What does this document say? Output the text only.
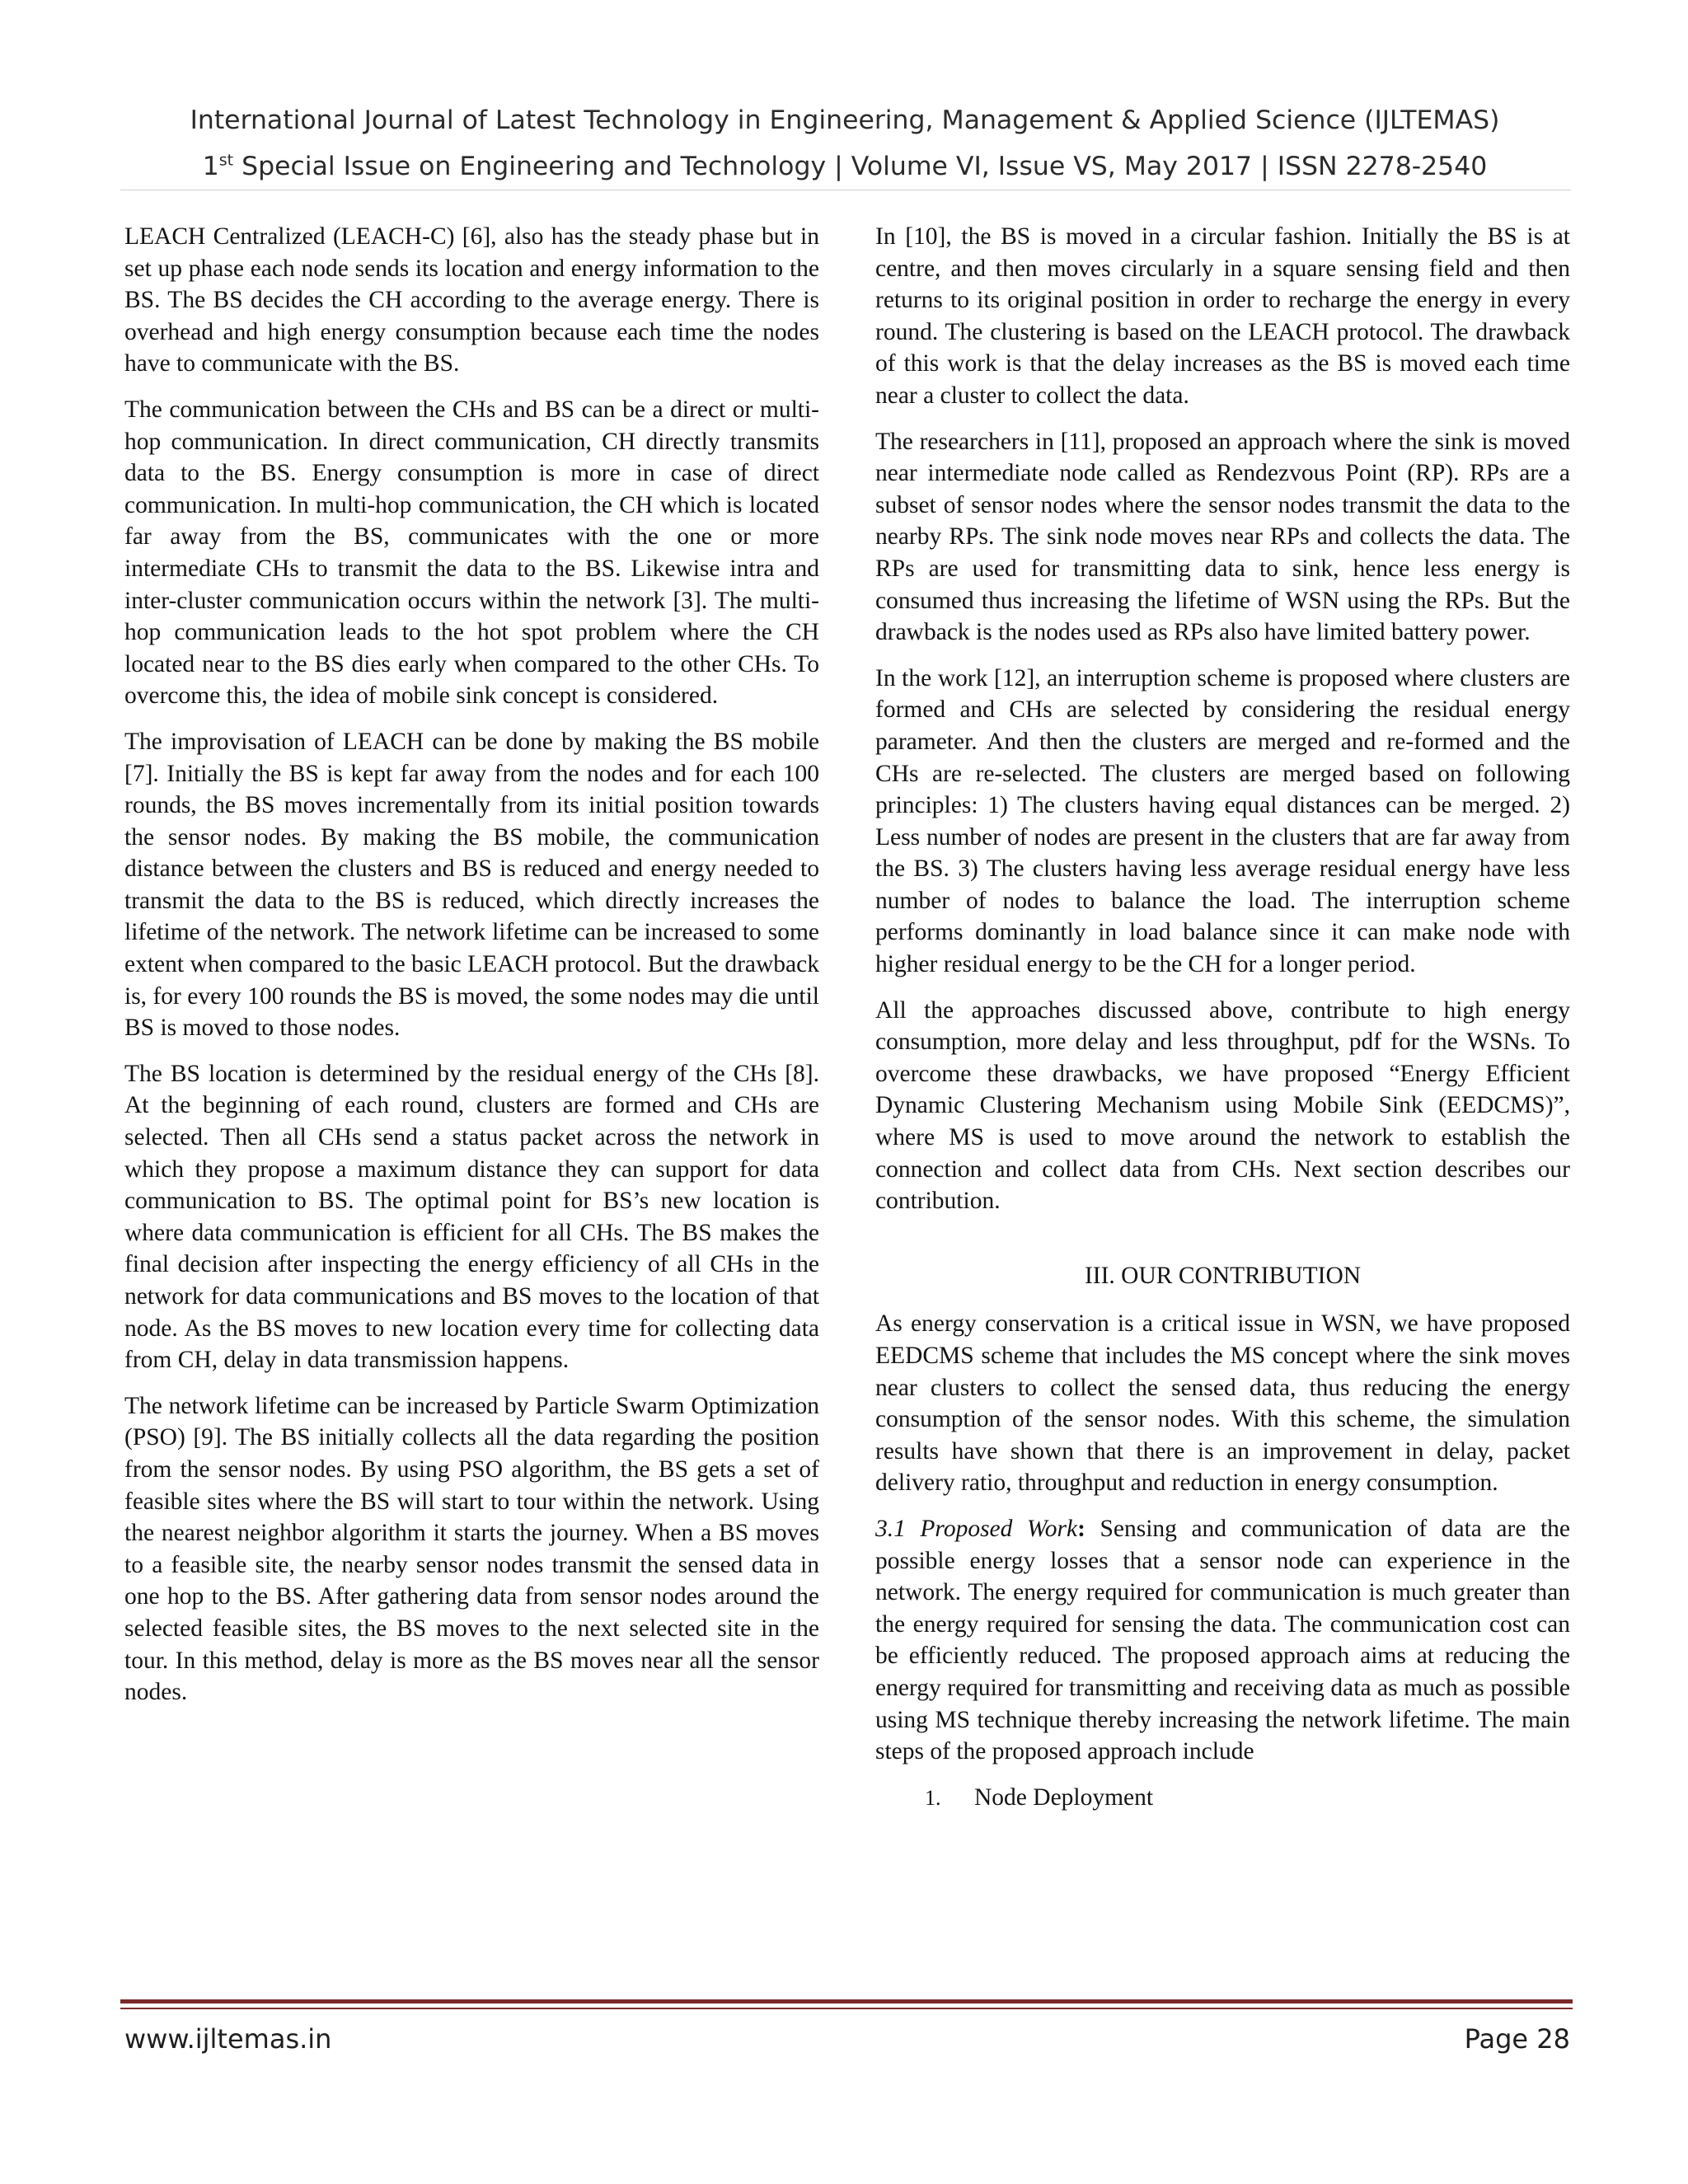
International Journal of Latest Technology in Engineering, Management & Applied Science (IJLTEMAS)
1st Special Issue on Engineering and Technology | Volume VI, Issue VS, May 2017 | ISSN 2278-2540

LEACH Centralized (LEACH-C) [6], also has the steady phase but in set up phase each node sends its location and energy information to the BS. The BS decides the CH according to the average energy. There is overhead and high energy consumption because each time the nodes have to communicate with the BS.

The communication between the CHs and BS can be a direct or multi-hop communication. In direct communication, CH directly transmits data to the BS. Energy consumption is more in case of direct communication. In multi-hop communication, the CH which is located far away from the BS, communicates with the one or more intermediate CHs to transmit the data to the BS. Likewise intra and inter-cluster communication occurs within the network [3]. The multi-hop communication leads to the hot spot problem where the CH located near to the BS dies early when compared to the other CHs. To overcome this, the idea of mobile sink concept is considered.

The improvisation of LEACH can be done by making the BS mobile [7]. Initially the BS is kept far away from the nodes and for each 100 rounds, the BS moves incrementally from its initial position towards the sensor nodes. By making the BS mobile, the communication distance between the clusters and BS is reduced and energy needed to transmit the data to the BS is reduced, which directly increases the lifetime of the network. The network lifetime can be increased to some extent when compared to the basic LEACH protocol. But the drawback is, for every 100 rounds the BS is moved, the some nodes may die until BS is moved to those nodes.

The BS location is determined by the residual energy of the CHs [8]. At the beginning of each round, clusters are formed and CHs are selected. Then all CHs send a status packet across the network in which they propose a maximum distance they can support for data communication to BS. The optimal point for BS’s new location is where data communication is efficient for all CHs. The BS makes the final decision after inspecting the energy efficiency of all CHs in the network for data communications and BS moves to the location of that node. As the BS moves to new location every time for collecting data from CH, delay in data transmission happens.

The network lifetime can be increased by Particle Swarm Optimization (PSO) [9]. The BS initially collects all the data regarding the position from the sensor nodes. By using PSO algorithm, the BS gets a set of feasible sites where the BS will start to tour within the network. Using the nearest neighbor algorithm it starts the journey. When a BS moves to a feasible site, the nearby sensor nodes transmit the sensed data in one hop to the BS. After gathering data from sensor nodes around the selected feasible sites, the BS moves to the next selected site in the tour. In this method, delay is more as the BS moves near all the sensor nodes.

In [10], the BS is moved in a circular fashion. Initially the BS is at centre, and then moves circularly in a square sensing field and then returns to its original position in order to recharge the energy in every round. The clustering is based on the LEACH protocol. The drawback of this work is that the delay increases as the BS is moved each time near a cluster to collect the data.

The researchers in [11], proposed an approach where the sink is moved near intermediate node called as Rendezvous Point (RP). RPs are a subset of sensor nodes where the sensor nodes transmit the data to the nearby RPs. The sink node moves near RPs and collects the data. The RPs are used for transmitting data to sink, hence less energy is consumed thus increasing the lifetime of WSN using the RPs. But the drawback is the nodes used as RPs also have limited battery power.

In the work [12], an interruption scheme is proposed where clusters are formed and CHs are selected by considering the residual energy parameter. And then the clusters are merged and re-formed and the CHs are re-selected. The clusters are merged based on following principles: 1) The clusters having equal distances can be merged. 2) Less number of nodes are present in the clusters that are far away from the BS. 3) The clusters having less average residual energy have less number of nodes to balance the load. The interruption scheme performs dominantly in load balance since it can make node with higher residual energy to be the CH for a longer period.

All the approaches discussed above, contribute to high energy consumption, more delay and less throughput, pdf for the WSNs. To overcome these drawbacks, we have proposed “Energy Efficient Dynamic Clustering Mechanism using Mobile Sink (EEDCMS)”, where MS is used to move around the network to establish the connection and collect data from CHs. Next section describes our contribution.

III. OUR CONTRIBUTION

As energy conservation is a critical issue in WSN, we have proposed EEDCMS scheme that includes the MS concept where the sink moves near clusters to collect the sensed data, thus reducing the energy consumption of the sensor nodes. With this scheme, the simulation results have shown that there is an improvement in delay, packet delivery ratio, throughput and reduction in energy consumption.

3.1 Proposed Work: Sensing and communication of data are the possible energy losses that a sensor node can experience in the network. The energy required for communication is much greater than the energy required for sensing the data. The communication cost can be efficiently reduced. The proposed approach aims at reducing the energy required for transmitting and receiving data as much as possible using MS technique thereby increasing the network lifetime. The main steps of the proposed approach include

1. Node Deployment
www.ijltemas.in	Page 28
